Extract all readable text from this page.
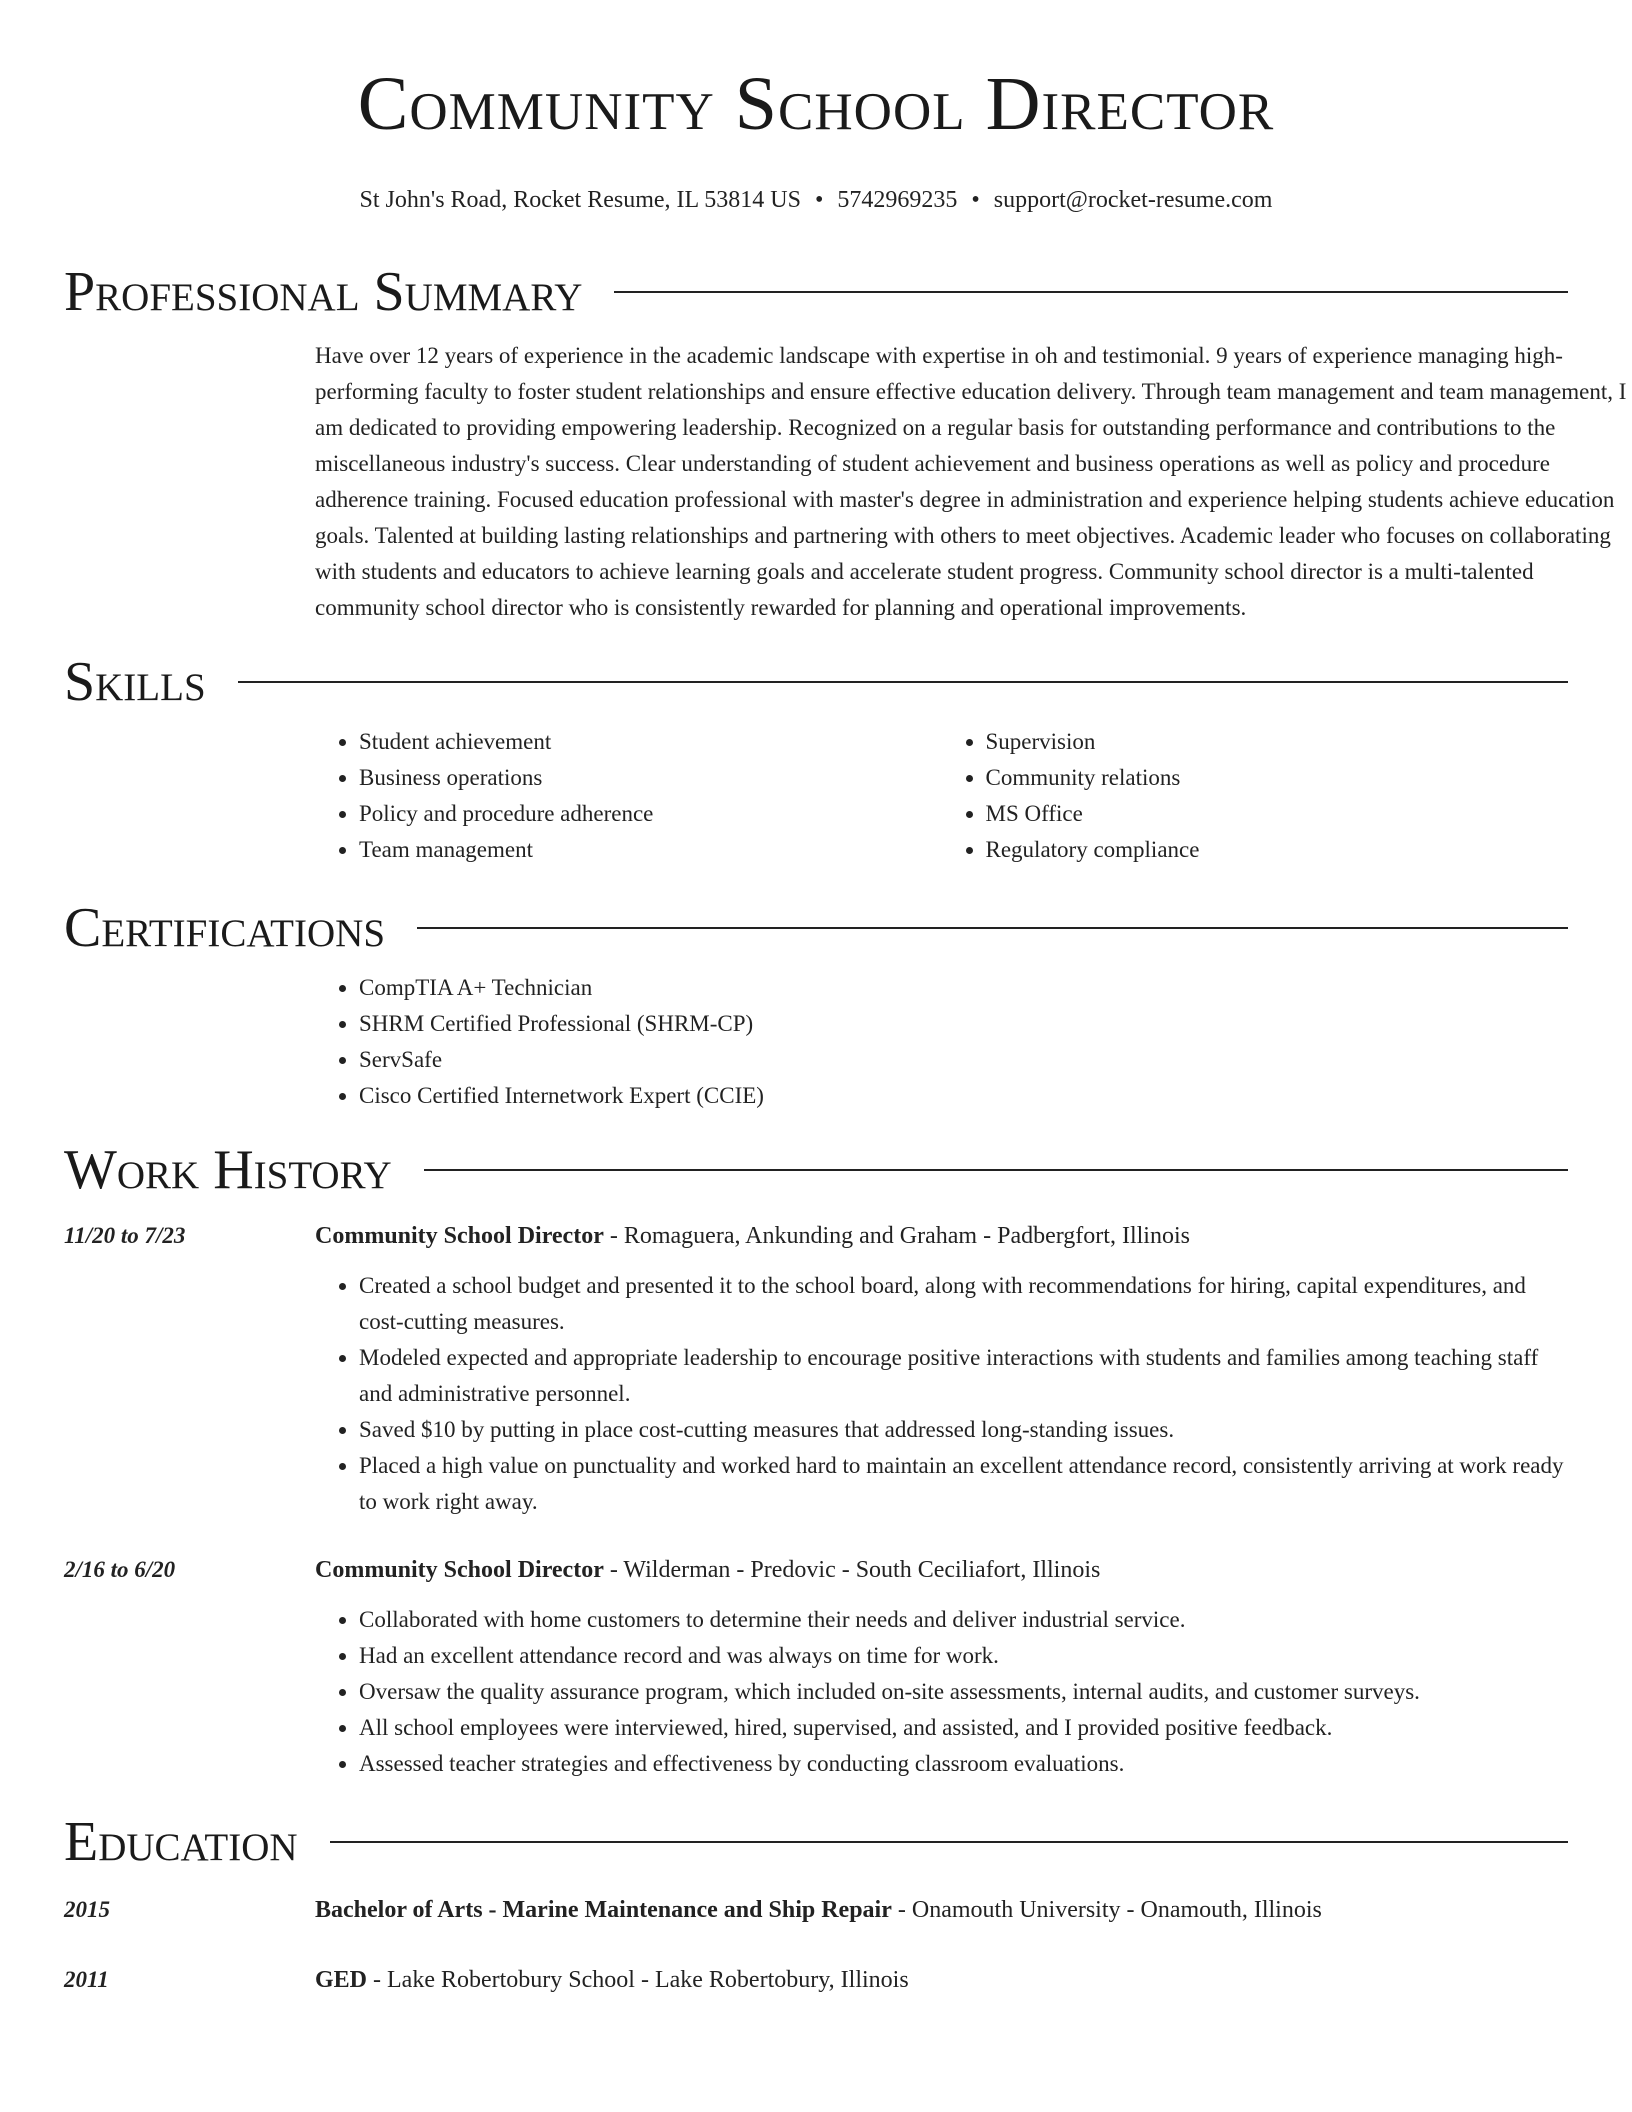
Community School Director
St John's Road, Rocket Resume, IL 53814 US • 5742969235 • support@rocket-resume.com
Professional Summary

Have over 12 years of experience in the academic landscape with expertise in oh and testimonial. 9 years of experience managing high-performing faculty to foster student relationships and ensure effective education delivery. Through team management and team management, I am dedicated to providing empowering leadership. Recognized on a regular basis for outstanding performance and contributions to the miscellaneous industry's success. Clear understanding of student achievement and business operations as well as policy and procedure adherence training. Focused education professional with master's degree in administration and experience helping students achieve education goals. Talented at building lasting relationships and partnering with others to meet objectives. Academic leader who focuses on collaborating with students and educators to achieve learning goals and accelerate student progress. Community school director is a multi-talented community school director who is consistently rewarded for planning and operational improvements.

Skills
• Student achievement
• Business operations
• Policy and procedure adherence
• Team management
• Supervision
• Community relations
• MS Office
• Regulatory compliance
Certifications
• CompTIA A+ Technician
• SHRM Certified Professional (SHRM-CP)
• ServSafe
• Cisco Certified Internetwork Expert (CCIE)
Work History
11/20 to 7/23	Community School Director - Romaguera, Ankunding and Graham - Padbergfort, Illinois
• Created a school budget and presented it to the school board, along with recommendations for hiring, capital expenditures, and cost-cutting measures.
• Modeled expected and appropriate leadership to encourage positive interactions with students and families among teaching staff and administrative personnel.
• Saved $10 by putting in place cost-cutting measures that addressed long-standing issues.
• Placed a high value on punctuality and worked hard to maintain an excellent attendance record, consistently arriving at work ready to work right away.
2/16 to 6/20	Community School Director - Wilderman - Predovic - South Ceciliafort, Illinois
• Collaborated with home customers to determine their needs and deliver industrial service.
• Had an excellent attendance record and was always on time for work.
• Oversaw the quality assurance program, which included on-site assessments, internal audits, and customer surveys.
• All school employees were interviewed, hired, supervised, and assisted, and I provided positive feedback.
• Assessed teacher strategies and effectiveness by conducting classroom evaluations.
Education
2015	Bachelor of Arts - Marine Maintenance and Ship Repair - Onamouth University - Onamouth, Illinois
2011	GED - Lake Robertobury School - Lake Robertobury, Illinois
